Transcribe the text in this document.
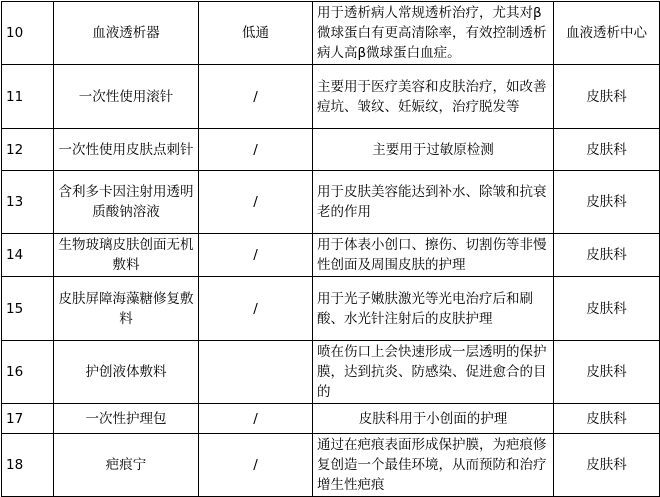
10	血液透析器	低通	用于透析病人常规透析治疗，尤其对β微球蛋白有更高清除率，有效控制透析病人高β微球蛋白血症。	血液透析中心
11	一次性使用滚针	/	主要用于医疗美容和皮肤治疗，如改善痘坑、皱纹、妊娠纹，治疗脱发等	皮肤科
12	一次性使用皮肤点刺针	/	主要用于过敏原检测	皮肤科
13	含利多卡因注射用透明质酸钠溶液	/	用于皮肤美容能达到补水、除皱和抗衰老的作用	皮肤科
14	生物玻璃皮肤创面无机敷料	/	用于体表小创口、擦伤、切割伤等非慢性创面及周围皮肤的护理	皮肤科
15	皮肤屏障海藻糖修复敷料	/	用于光子嫩肤激光等光电治疗后和刷酸、水光针注射后的皮肤护理	皮肤科
16	护创液体敷料		喷在伤口上会快速形成一层透明的保护膜，达到抗炎、防感染、促进愈合的目的	皮肤科
17	一次性护理包	/	皮肤科用于小创面的护理	皮肤科
18	疤痕宁	/	通过在疤痕表面形成保护膜，为疤痕修复创造一个最佳环境，从而预防和治疗增生性疤痕	皮肤科
